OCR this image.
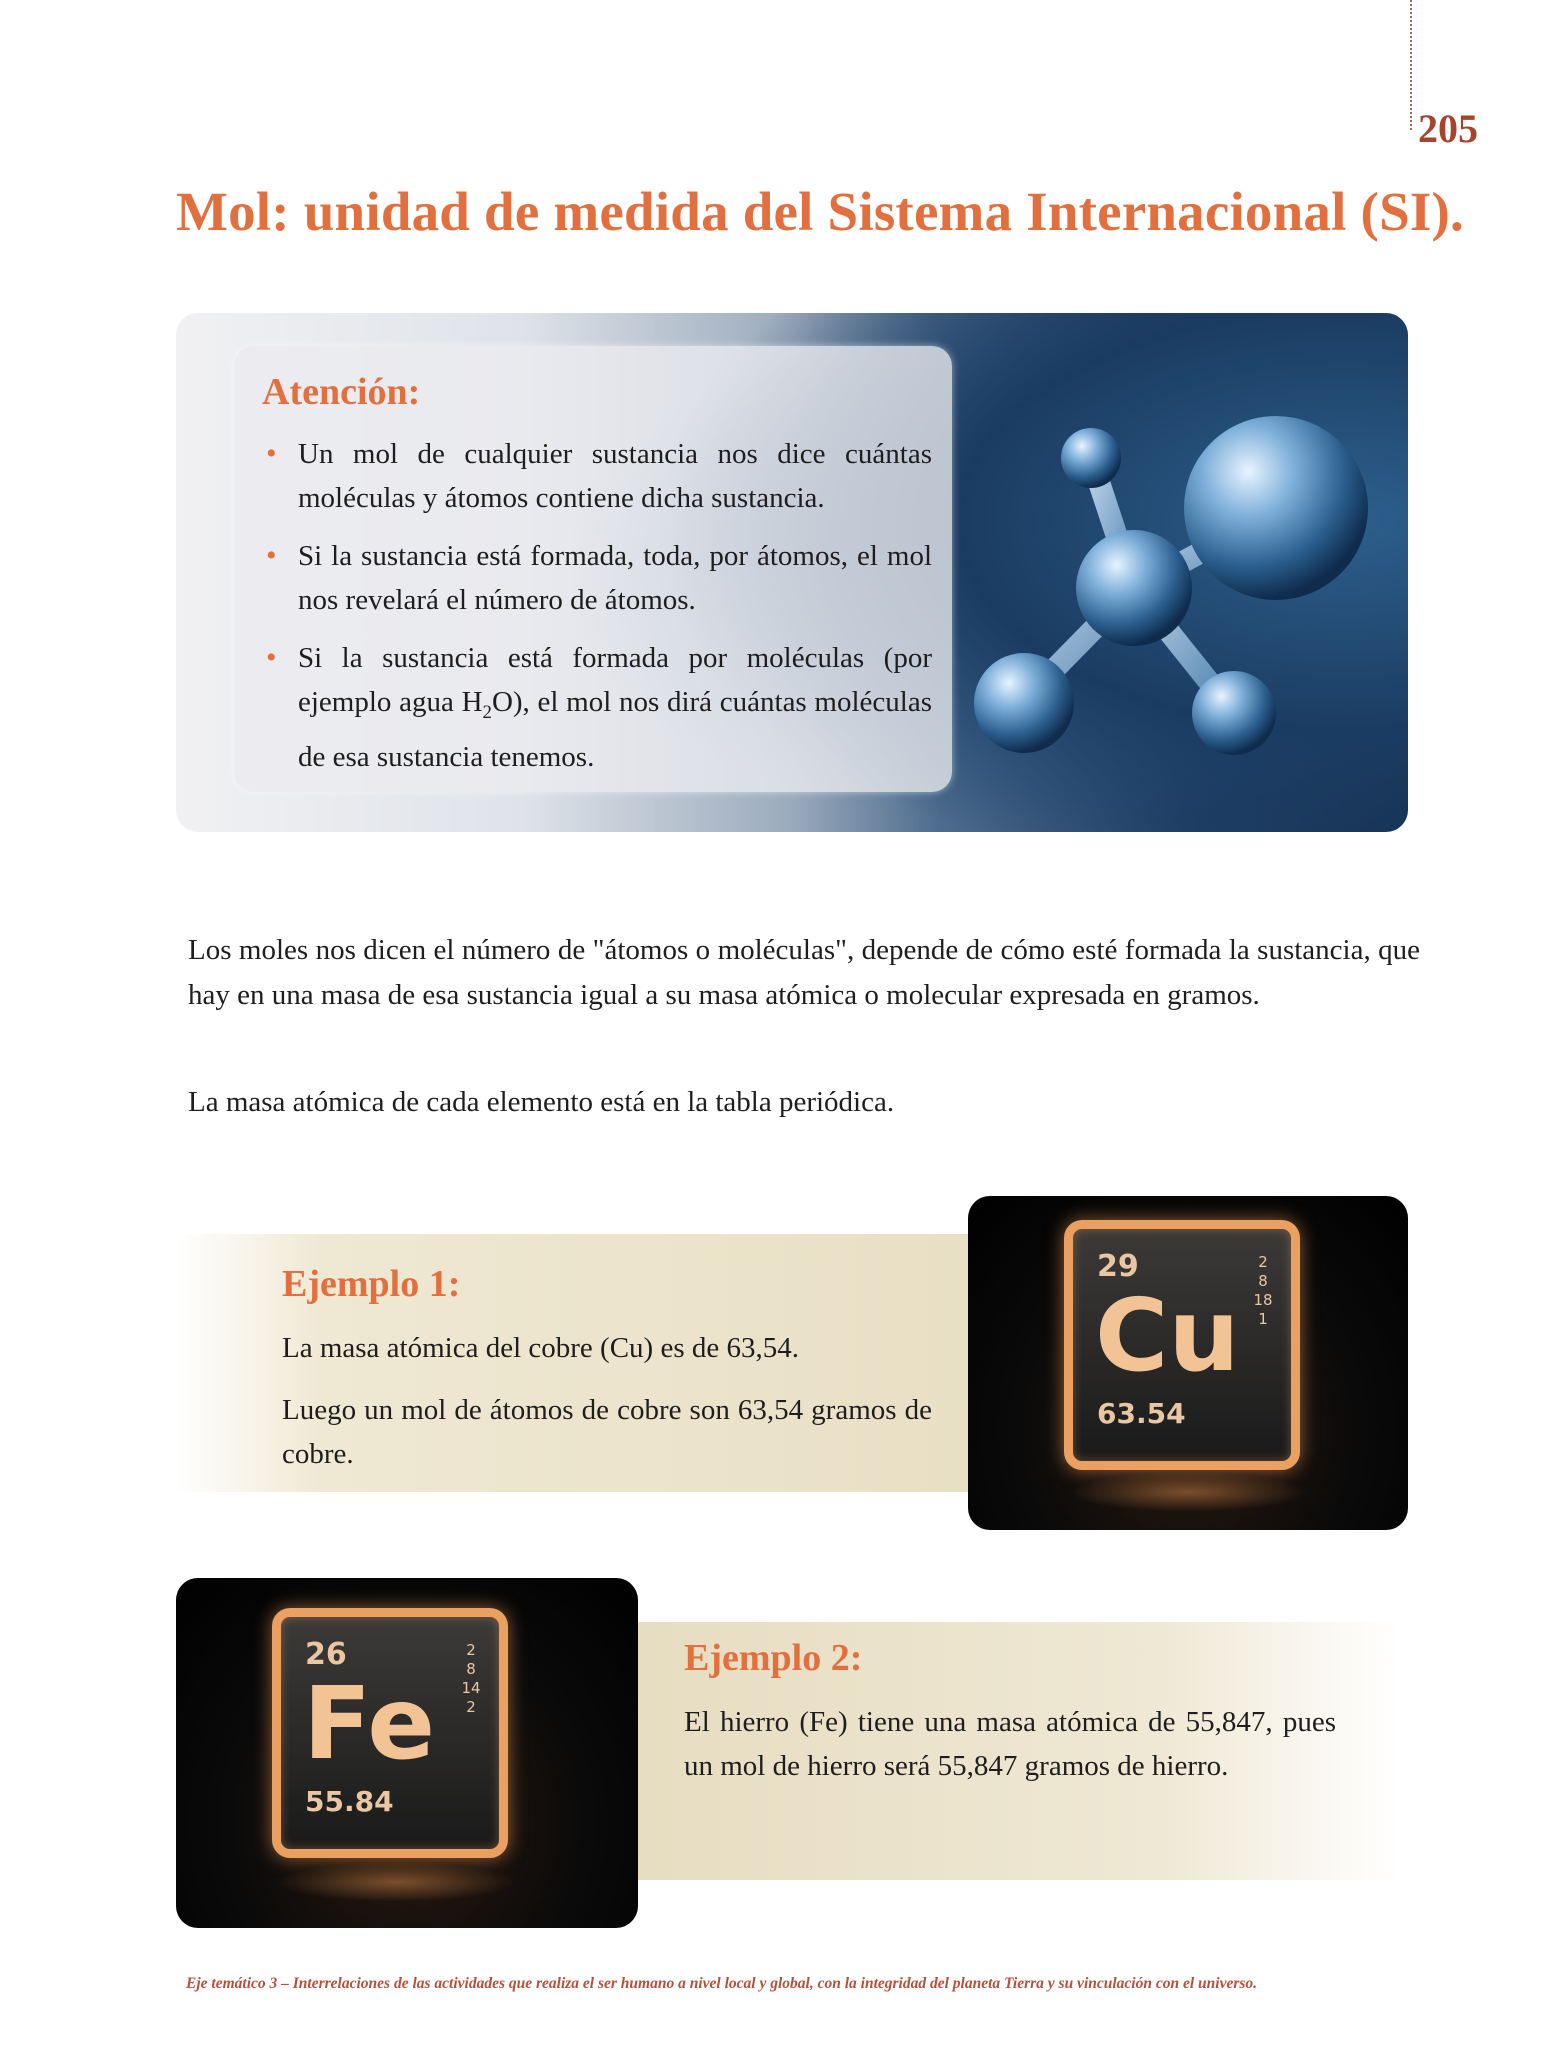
205
Mol: unidad de medida del Sistema Internacional (SI).
Atención:
• Un mol de cualquier sustancia nos dice cuántas moléculas y átomos contiene dicha sustancia.
• Si la sustancia está formada, toda, por átomos, el mol nos revelará el número de átomos.
• Si la sustancia está formada por moléculas (por ejemplo agua $H_2O$), el mol nos dirá cuántas moléculas de esa sustancia tenemos.

Los moles nos dicen el número de "átomos o moléculas", depende de cómo esté formada la sustancia, que hay en una masa de esa sustancia igual a su masa atómica o molecular expresada en gramos.

La masa atómica de cada elemento está en la tabla periódica.

Ejemplo 1:

La masa atómica del cobre (Cu) es de 63,54.

Luego un mol de átomos de cobre son 63,54 gramos de cobre.

29	2
8
18
1
Cu
63.54
Ejemplo 2:

El hierro (Fe) tiene una masa atómica de 55,847, pues un mol de hierro será 55,847 gramos de hierro.

26	2
8
14
2
Fe
55.84

Eje temático 3 – Interrelaciones de las actividades que realiza el ser humano a nivel local y global, con la integridad del planeta Tierra y su vinculación con el universo.
